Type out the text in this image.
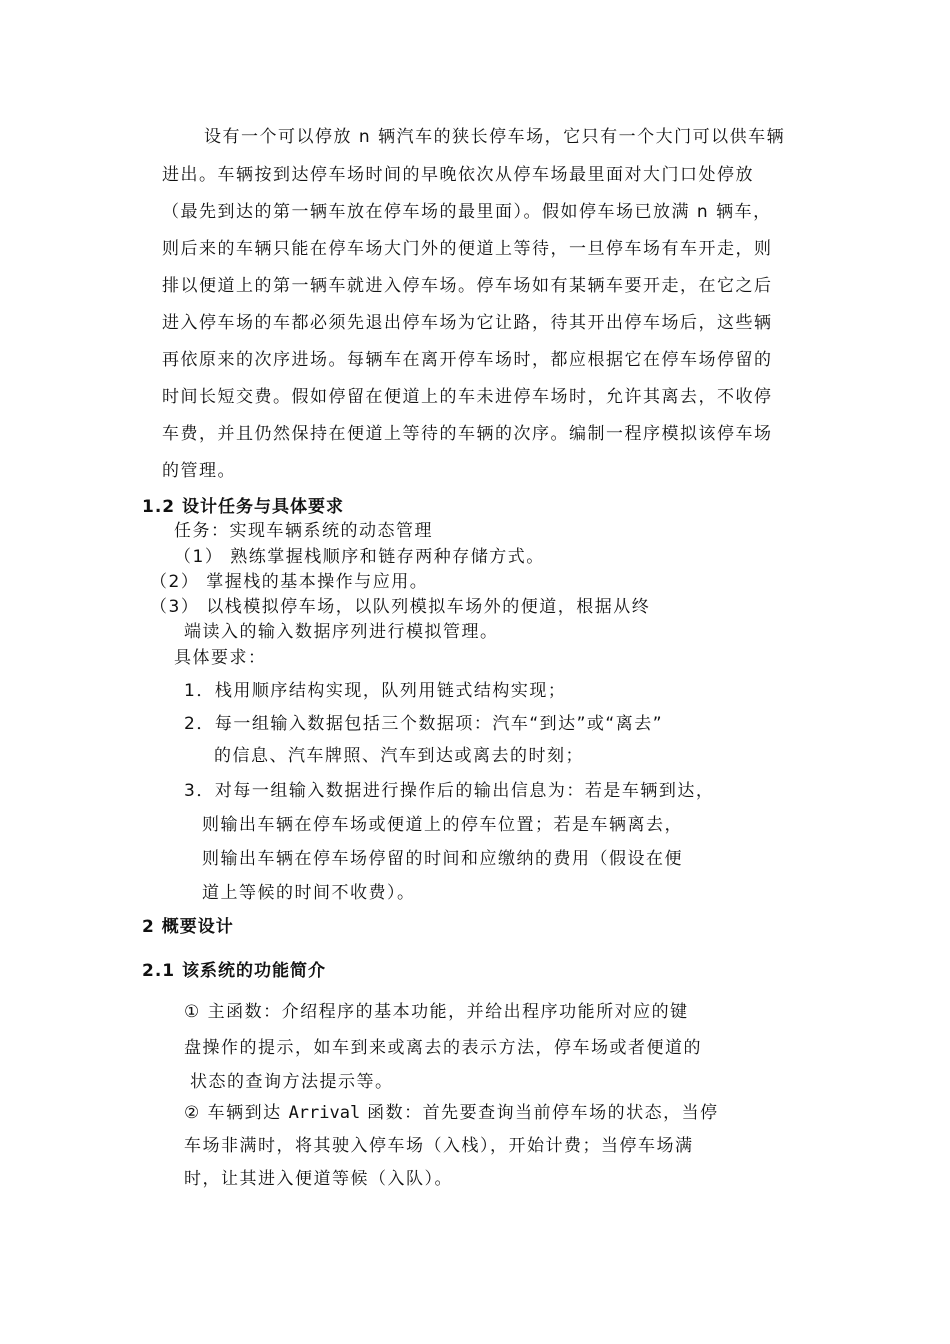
设有一个可以停放 n 辆汽车的狭长停车场，它只有一个大门可以供车辆
进出。车辆按到达停车场时间的早晚依次从停车场最里面对大门口处停放
（最先到达的第一辆车放在停车场的最里面）。假如停车场已放满 n 辆车，
则后来的车辆只能在停车场大门外的便道上等待，一旦停车场有车开走，则
排以便道上的第一辆车就进入停车场。停车场如有某辆车要开走，在它之后
进入停车场的车都必须先退出停车场为它让路，待其开出停车场后，这些辆
再依原来的次序进场。每辆车在离开停车场时，都应根据它在停车场停留的
时间长短交费。假如停留在便道上的车未进停车场时，允许其离去，不收停
车费，并且仍然保持在便道上等待的车辆的次序。编制一程序模拟该停车场
的管理。
1.2 设计任务与具体要求
任务：实现车辆系统的动态管理
（1） 熟练掌握栈顺序和链存两种存储方式。
（2） 掌握栈的基本操作与应用。
（3） 以栈模拟停车场，以队列模拟车场外的便道，根据从终
端读入的输入数据序列进行模拟管理。
具体要求：
1．栈用顺序结构实现，队列用链式结构实现；
2．每一组输入数据包括三个数据项：汽车“到达”或“离去”
的信息、汽车牌照、汽车到达或离去的时刻；
3．对每一组输入数据进行操作后的输出信息为：若是车辆到达，
则输出车辆在停车场或便道上的停车位置；若是车辆离去，
则输出车辆在停车场停留的时间和应缴纳的费用（假设在便
道上等候的时间不收费）。
2 概要设计
2.1 该系统的功能简介
① 主函数：介绍程序的基本功能，并给出程序功能所对应的键
盘操作的提示，如车到来或离去的表示方法，停车场或者便道的
状态的查询方法提示等。
② 车辆到达 Arrival 函数：首先要查询当前停车场的状态，当停
车场非满时，将其驶入停车场（入栈），开始计费；当停车场满
时，让其进入便道等候（入队）。
